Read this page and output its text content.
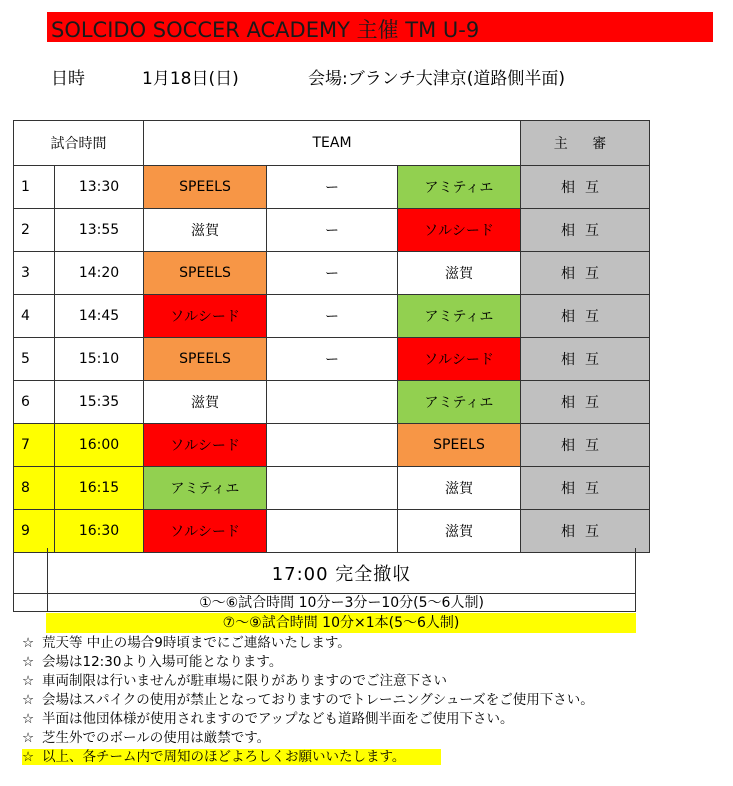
SOLCIDO SOCCER ACADEMY 主催 TM U-9
日時	1月18日(日)	会場:ブランチ大津京(道路側半面)
試合時間		TEAM			主 審
1	13:30	SPEELS	ー	アミティエ	相互
2	13:55	滋賀	ー	ソルシード	相互
3	14:20	SPEELS	ー	滋賀	相互
4	14:45	ソルシード	ー	アミティエ	相互
5	15:10	SPEELS	ー	ソルシード	相互
6	15:35	滋賀		アミティエ	相互
7	16:00	ソルシード		SPEELS	相互
8	16:15	アミティエ		滋賀	相互
9	16:30	ソルシード		滋賀	相互
17:00 完全撤収
①〜⑥試合時間 10分ー3分ー10分(5〜6人制)
⑦〜⑨試合時間 10分×1本(5〜6人制)
☆ 荒天等 中止の場合9時頃までにご連絡いたします。
☆ 会場は12:30より入場可能となります。
☆ 車両制限は行いませんが駐車場に限りがありますのでご注意下さい
☆ 会場はスパイクの使用が禁止となっておりますのでトレーニングシューズをご使用下さい。
☆ 半面は他団体様が使用されますのでアップなども道路側半面をご使用下さい。
☆ 芝生外でのボールの使用は厳禁です。
☆ 以上、各チーム内で周知のほどよろしくお願いいたします。
